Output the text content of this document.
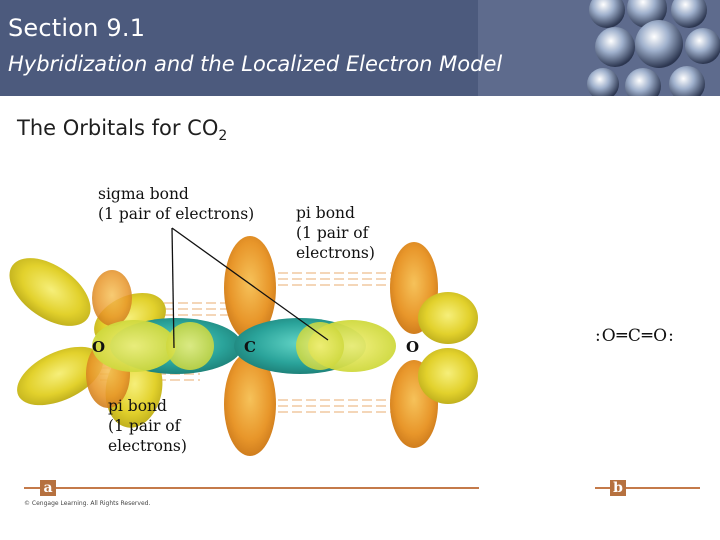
Section 9.1
Hybridization and the Localized Electron Model
The Orbitals for $CO_2$
O	C	O
sigma bond
(1 pair of electrons)	pi bond
(1 pair of
electrons)
pi bond
(1 pair of
electrons)
:O═C═O:
a	b
© Cengage Learning. All Rights Reserved.
